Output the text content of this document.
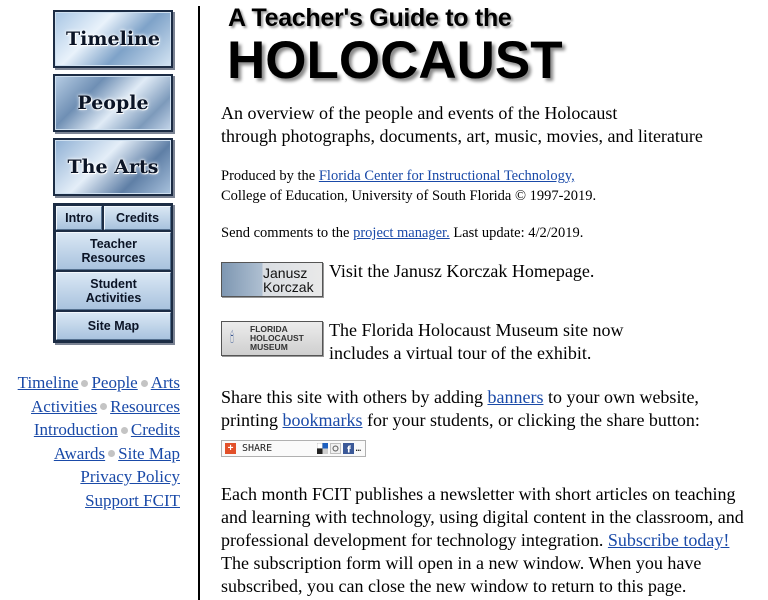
Timeline
People
The Arts
Intro Credits
Teacher Resources
Student Activities
Site Map
Timeline People Arts
Activities Resources
Introduction Credits
Awards Site Map
Privacy Policy
Support FCIT
A Teacher's Guide to the
HOLOCAUST
An overview of the people and events of the Holocaust
through photographs, documents, art, music, movies, and literature
Produced by the Florida Center for Instructional Technology,
College of Education, University of South Florida © 1997-2019.
Send comments to the project manager. Last update: 4/2/2019.
Janusz
Korczak
Visit the Janusz Korczak Homepage.
🕯
FLORIDA
HOLOCAUST
MUSEUM
The Florida Holocaust Museum site now
includes a virtual tour of the exhibit.
Share this site with others by adding banners to your own website,
printing bookmarks for your students, or clicking the share button:
+ SHARE	f …
Each month FCIT publishes a newsletter with short articles on teaching
and learning with technology, using digital content in the classroom, and
professional development for technology integration. Subscribe today!
The subscription form will open in a new window. When you have
subscribed, you can close the new window to return to this page.
